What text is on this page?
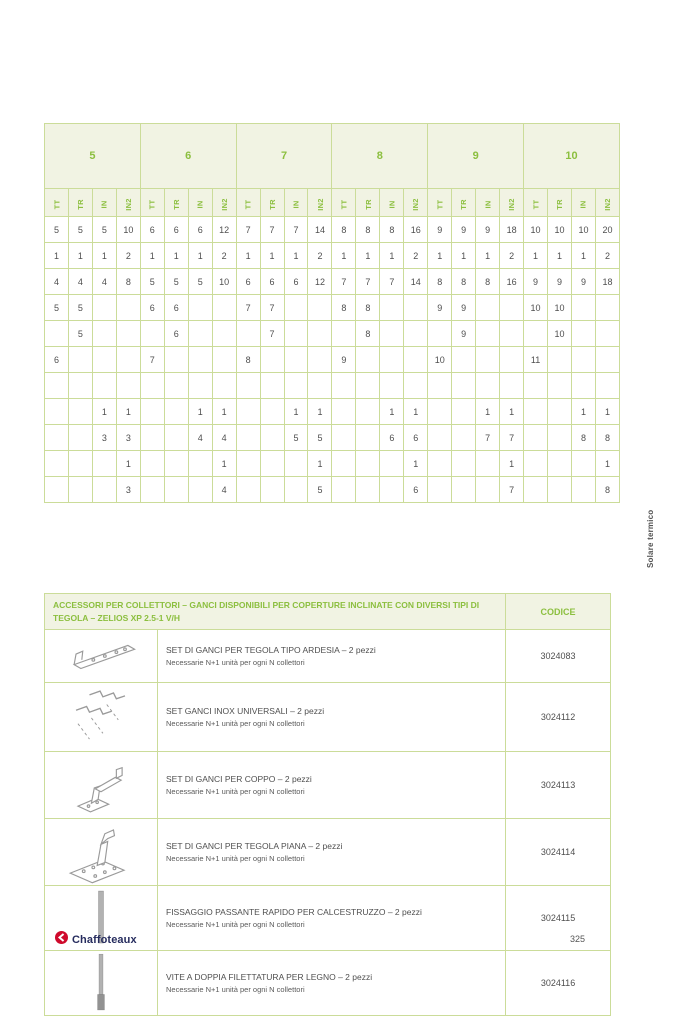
5				6				7				8				9				10			
TT	TR	IN	IN2	TT	TR	IN	IN2	TT	TR	IN	IN2	TT	TR	IN	IN2	TT	TR	IN	IN2	TT	TR	IN	IN2
5	5	5	10	6	6	6	12	7	7	7	14	8	8	8	16	9	9	9	18	10	10	10	20
1	1	1	2	1	1	1	2	1	1	1	2	1	1	1	2	1	1	1	2	1	1	1	2
4	4	4	8	5	5	5	10	6	6	6	12	7	7	7	14	8	8	8	16	9	9	9	18
5	5			6	6			7	7			8	8			9	9			10	10		
	5				6				7				8				9				10		
6				7				8				9				10				11			

		1	1			1	1			1	1			1	1			1	1			1	1
		3	3			4	4			5	5			6	6			7	7			8	8
			1				1				1				1				1				1
			3				4				5				6				7				8
Solare termico
ACCESSORI PER COLLETTORI – GANCI DISPONIBILI PER COPERTURE INCLINATE CON DIVERSI TIPI DI TEGOLA – ZELIOS XP 2.5-1 V/H		CODICE

SET DI GANCI PER TEGOLA TIPO ARDESIA – 2 pezzi
Necessarie N+1 unità per ogni N collettori	3024083

SET GANCI INOX UNIVERSALI – 2 pezzi
Necessarie N+1 unità per ogni N collettori	3024112

SET DI GANCI PER COPPO – 2 pezzi
Necessarie N+1 unità per ogni N collettori	3024113

SET DI GANCI PER TEGOLA PIANA – 2 pezzi
Necessarie N+1 unità per ogni N collettori	3024114

FISSAGGIO PASSANTE RAPIDO PER CALCESTRUZZO – 2 pezzi
Necessarie N+1 unità per ogni N collettori	3024115

VITE A DOPPIA FILETTATURA PER LEGNO – 2 pezzi
Necessarie N+1 unità per ogni N collettori	3024116
Chaffoteaux	325
